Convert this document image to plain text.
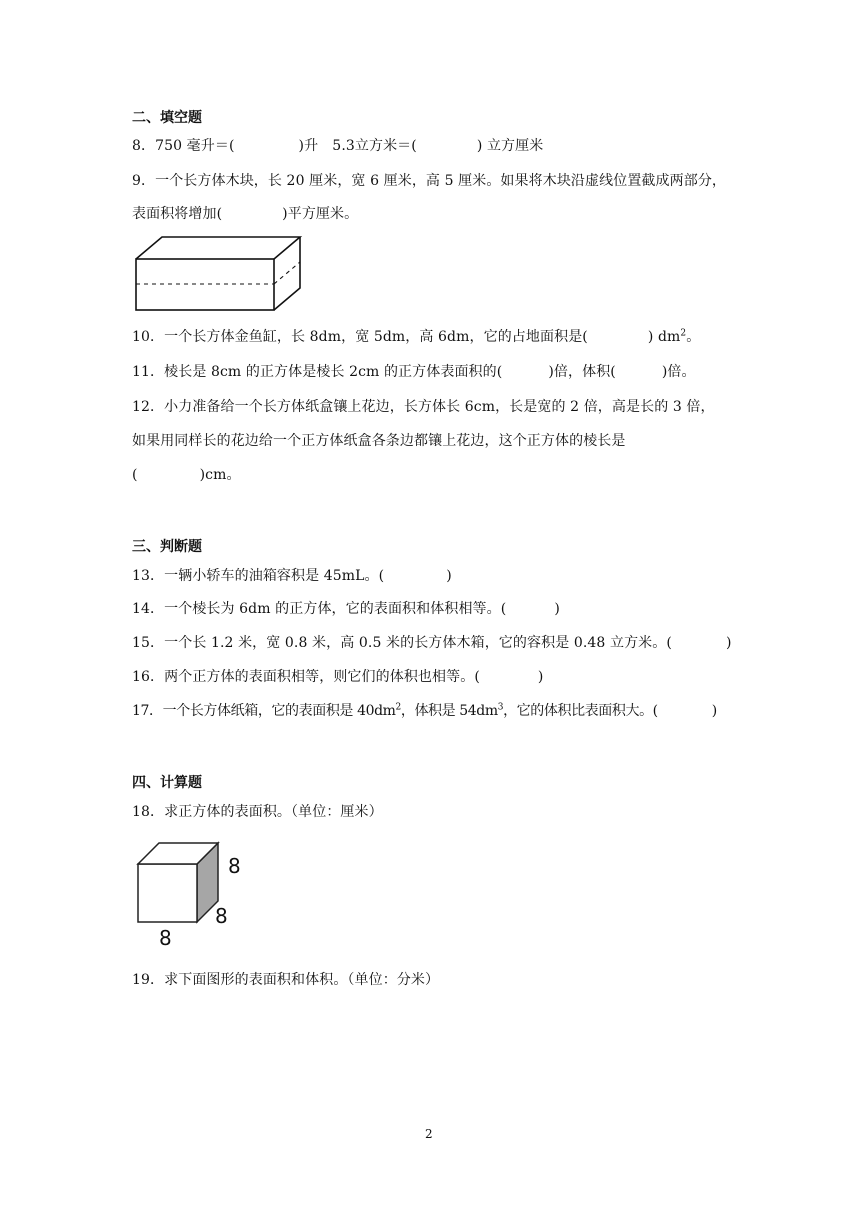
二、填空题
8．750 毫升＝(	)升　5.3立方米＝(	) 立方厘米
9．一个长方体木块，长 20 厘米，宽 6 厘米，高 5 厘米。如果将木块沿虚线位置截成两部分，
表面积将增加(	)平方厘米。
10．一个长方体金鱼缸，长 8dm，宽 5dm，高 6dm，它的占地面积是(	) $dm^2$。
11．棱长是 8cm 的正方体是棱长 2cm 的正方体表面积的(	)倍，体积(	)倍。
12．小力准备给一个长方体纸盒镶上花边，长方体长 6cm，长是宽的 2 倍，高是长的 3 倍，
如果用同样长的花边给一个正方体纸盒各条边都镶上花边，这个正方体的棱长是
(	)cm。
三、判断题
13．一辆小轿车的油箱容积是 45mL。(	)
14．一个棱长为 6dm 的正方体，它的表面积和体积相等。(	)
15．一个长 1.2 米，宽 0.8 米，高 0.5 米的长方体木箱，它的容积是 0.48 立方米。(	)
16．两个正方体的表面积相等，则它们的体积也相等。(	)
17．一个长方体纸箱，它的表面积是 $40dm^2$，体积是 $54dm^3$，它的体积比表面积大。(	)
四、计算题
18．求正方体的表面积。（单位：厘米）
8
8
8
19．求下面图形的表面积和体积。（单位：分米）
2
